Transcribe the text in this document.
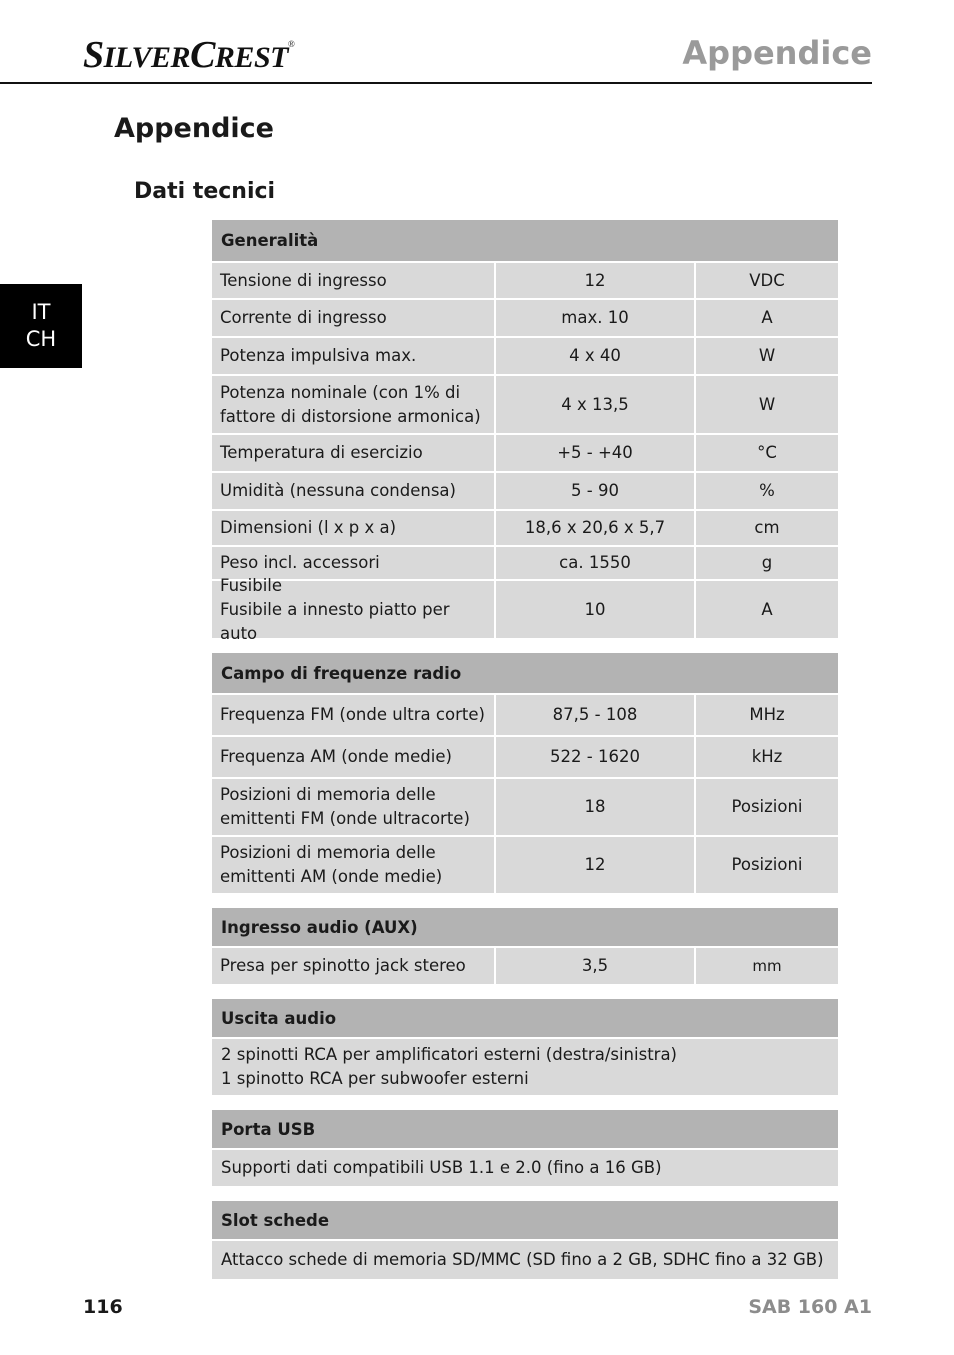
SILVERCREST®	Appendice
IT
CH
Appendice
Dati tecnici
Generalità
Tensione di ingresso	12	VDC
Corrente di ingresso	max. 10	A
Potenza impulsiva max.	4 x 40	W
Potenza nominale (con 1% di
fattore di distorsione armonica)
4 x 13,5	W
Temperatura di esercizio	+5 - +40	°C
Umidità (nessuna condensa)	5 - 90	%
Dimensioni (l x p x a)	18,6 x 20,6 x 5,7	cm
Peso incl. accessori	ca. 1550	g
Fusibile
Fusibile a innesto piatto per auto
10	A
Campo di frequenze radio
Frequenza FM (onde ultra corte)	87,5 - 108	MHz
Frequenza AM (onde medie)	522 - 1620	kHz
Posizioni di memoria delle
emittenti FM (onde ultracorte)
18	Posizioni
Posizioni di memoria delle
emittenti AM (onde medie)
12	Posizioni
Ingresso audio (AUX)
Presa per spinotto jack stereo	3,5	mm
Uscita audio
2 spinotti RCA per amplificatori esterni (destra/sinistra)
1 spinotto RCA per subwoofer esterni
Porta USB
Supporti dati compatibili USB 1.1 e 2.0 (fino a 16 GB)
Slot schede
Attacco schede di memoria SD/MMC (SD fino a 2 GB, SDHC fino a 32 GB)
116	SAB 160 A1
